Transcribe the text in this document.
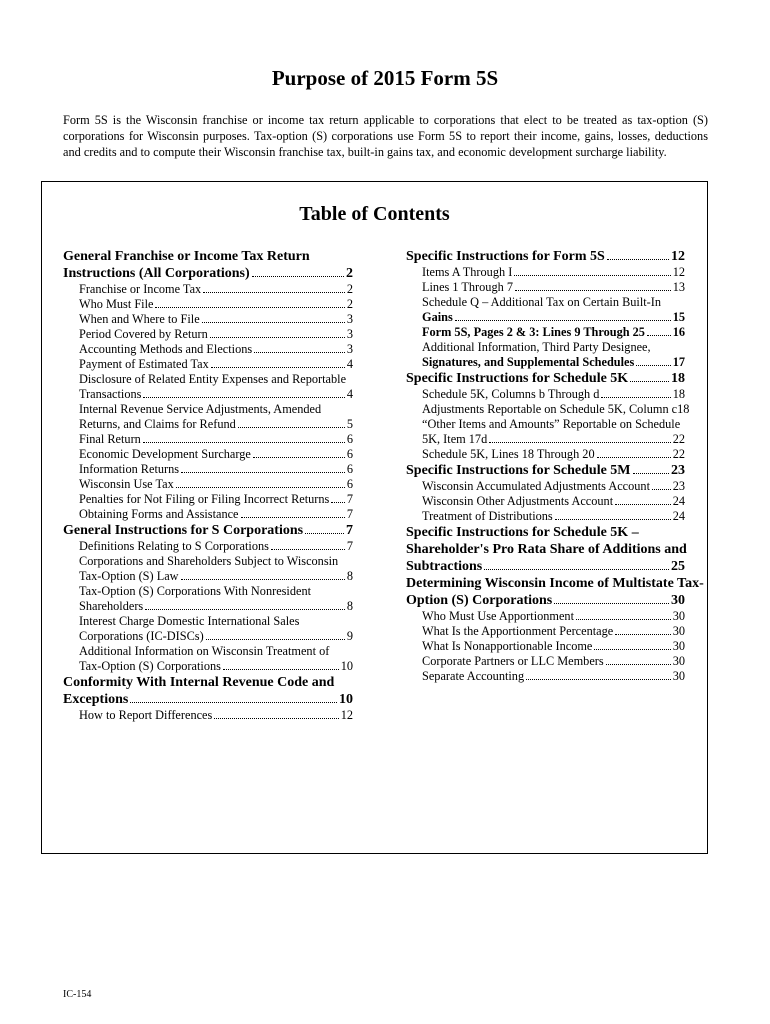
Purpose of 2015 Form 5S

Form 5S is the Wisconsin franchise or income tax return applicable to corporations that elect to be treated as tax-option (S) corporations for Wisconsin purposes. Tax-option (S) corporations use Form 5S to report their income, gains, losses, deductions and credits and to compute their Wisconsin franchise tax, built-in gains tax, and economic development surcharge liability.

Table of Contents
General Franchise or Income Tax Return
Instructions (All Corporations)	2
Franchise or Income Tax	2
Who Must File	2
When and Where to File	3
Period Covered by Return	3
Accounting Methods and Elections	3
Payment of Estimated Tax	4
Disclosure of Related Entity Expenses and Reportable
Transactions	4
Internal Revenue Service Adjustments, Amended
Returns, and Claims for Refund	5
Final Return	6
Economic Development Surcharge	6
Information Returns	6
Wisconsin Use Tax	6
Penalties for Not Filing or Filing Incorrect Returns 7
Obtaining Forms and Assistance	7
General Instructions for S Corporations	7
Definitions Relating to S Corporations	7
Corporations and Shareholders Subject to Wisconsin
Tax-Option (S) Law	8
Tax-Option (S) Corporations With Nonresident
Shareholders	8
Interest Charge Domestic International Sales
Corporations (IC-DISCs)	9
Additional Information on Wisconsin Treatment of
Tax-Option (S) Corporations	10
Conformity With Internal Revenue Code and
Exceptions	10
How to Report Differences	12
Specific Instructions for Form 5S	12
Items A Through I	12
Lines 1 Through 7	13
Schedule Q – Additional Tax on Certain Built-In
Gains	15
Form 5S, Pages 2 & 3: Lines 9 Through 25 16
Additional Information, Third Party Designee,
Signatures, and Supplemental Schedules	17
Specific Instructions for Schedule 5K	18
Schedule 5K, Columns b Through d	18
Adjustments Reportable on Schedule 5K, Column c 18
“Other Items and Amounts” Reportable on Schedule
5K, Item 17d	22
Schedule 5K, Lines 18 Through 20	22
Specific Instructions for Schedule 5M	23
Wisconsin Accumulated Adjustments Account 23
Wisconsin Other Adjustments Account	24
Treatment of Distributions	24
Specific Instructions for Schedule 5K –
Shareholder's Pro Rata Share of Additions and
Subtractions	25
Determining Wisconsin Income of Multistate Tax-
Option (S) Corporations	30
Who Must Use Apportionment	30
What Is the Apportionment Percentage	30
What Is Nonapportionable Income	30
Corporate Partners or LLC Members	30
Separate Accounting	30

IC-154
